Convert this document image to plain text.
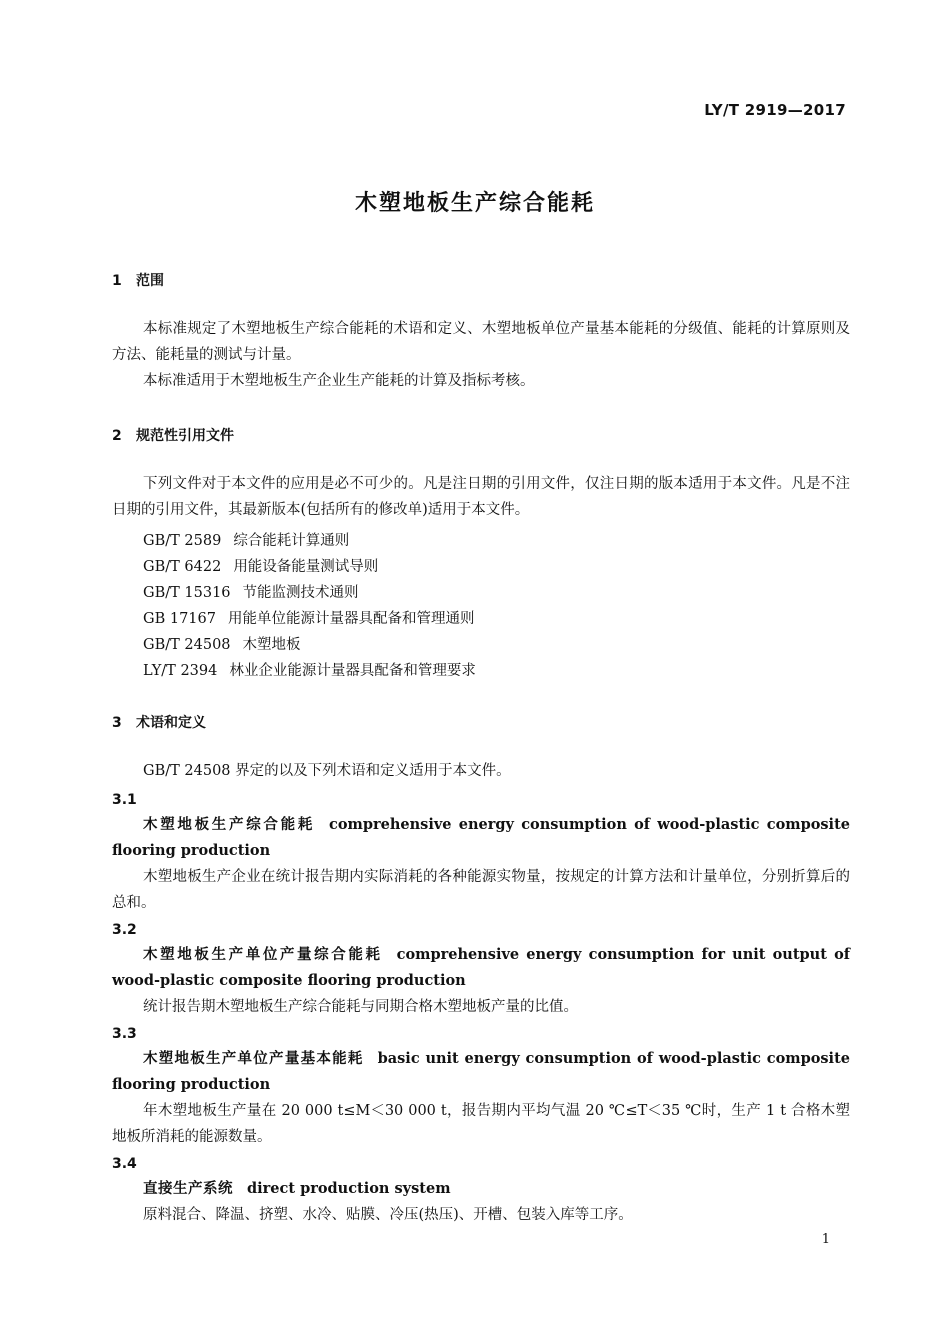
LY/T 2919—2017
木塑地板生产综合能耗
1 范围
本标准规定了木塑地板生产综合能耗的术语和定义、木塑地板单位产量基本能耗的分级值、能耗的计算原则及方法、能耗量的测试与计量。
本标准适用于木塑地板生产企业生产能耗的计算及指标考核。
2 规范性引用文件
下列文件对于本文件的应用是必不可少的。凡是注日期的引用文件，仅注日期的版本适用于本文件。凡是不注日期的引用文件，其最新版本(包括所有的修改单)适用于本文件。
GB/T 2589 综合能耗计算通则
GB/T 6422 用能设备能量测试导则
GB/T 15316 节能监测技术通则
GB 17167 用能单位能源计量器具配备和管理通则
GB/T 24508 木塑地板
LY/T 2394 林业企业能源计量器具配备和管理要求
3 术语和定义
GB/T 24508 界定的以及下列术语和定义适用于本文件。
3.1
木塑地板生产综合能耗 comprehensive energy consumption of wood-plastic composite flooring production
木塑地板生产企业在统计报告期内实际消耗的各种能源实物量，按规定的计算方法和计量单位，分别折算后的总和。
3.2
木塑地板生产单位产量综合能耗 comprehensive energy consumption for unit output of wood-plastic composite flooring production
统计报告期木塑地板生产综合能耗与同期合格木塑地板产量的比值。
3.3
木塑地板生产单位产量基本能耗 basic unit energy consumption of wood-plastic composite flooring production
年木塑地板生产量在 20 000 t≤M＜30 000 t，报告期内平均气温 20 ℃≤T＜35 ℃时，生产 1 t 合格木塑地板所消耗的能源数量。
3.4
直接生产系统 direct production system
原料混合、降温、挤塑、水冷、贴膜、冷压(热压)、开槽、包装入库等工序。
1
